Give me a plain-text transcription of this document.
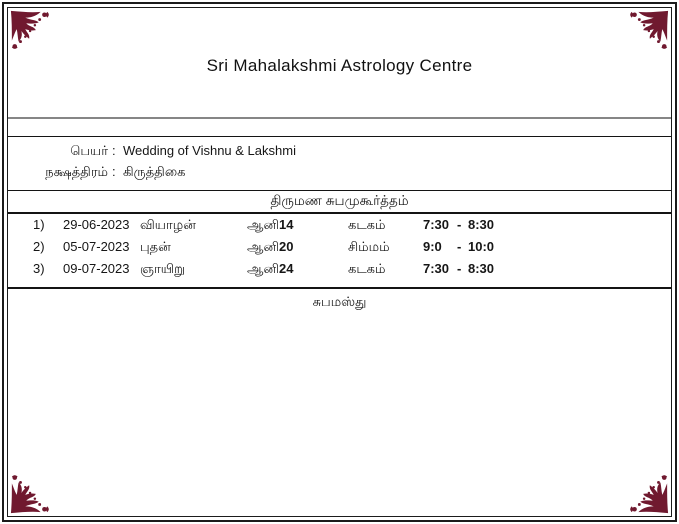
Sri Mahalakshmi Astrology Centre
பெயர் : Wedding of Vishnu & Lakshmi
நக்ஷத்திரம் : கிருத்திகை
திருமண சுபமுகூர்த்தம்
1) 29-06-2023 வியாழன்	ஆனி 14	கடகம்	7:30 - 8:30
2) 05-07-2023 புதன்	ஆனி 20	சிம்மம்	9:0 - 10:0
3) 09-07-2023 ஞாயிறு	ஆனி 24	கடகம்	7:30 - 8:30
சுபமஸ்து
